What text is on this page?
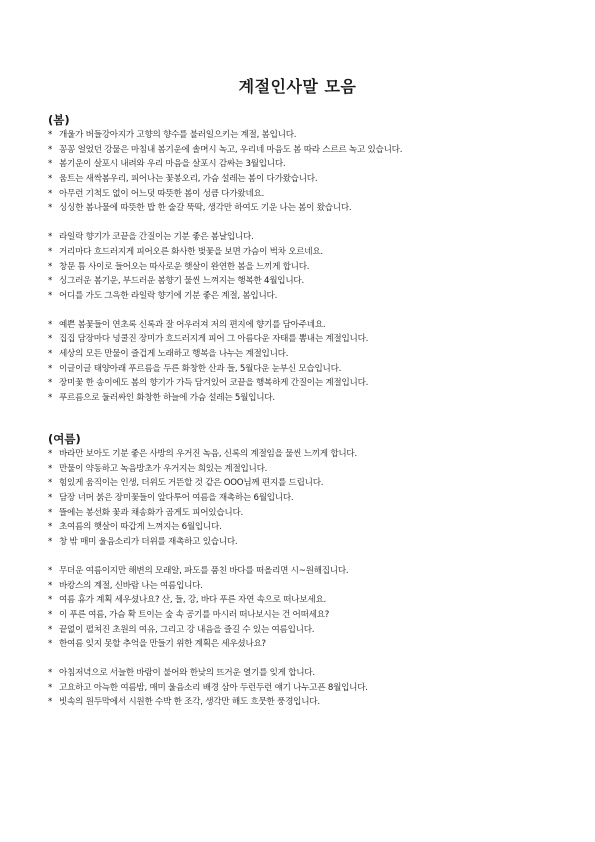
계절인사말 모음
(봄)
* 개울가 버들강아지가 고향의 향수를 불러일으키는 계절, 봄입니다.
* 꽁꽁 얼었던 강물은 마침내 봄기운에 솔며시 녹고, 우리네 마음도 봄 따라 스르르 녹고 있습니다.
* 봄기운이 살포시 내려와 우리 마음을 살포시 감싸는 3월입니다.
* 움트는 새싹봄우리, 피어나는 꽃봉오리, 가슴 설레는 봄이 다가왔습니다.
* 아무런 기척도 없이 어느덧 따뜻한 봄이 성큼 다가왔네요.
* 싱싱한 봄나물에 따뜻한 밥 한 술갈 뚝딱, 생각만 하여도 기운 나는 봄이 왔습니다.
* 라일락 향기가 코끝을 간질이는 기분 좋은 봄날입니다.
* 거리마다 흐드러지게 피어오른 화사한 벚꽃을 보면 가슴이 벅차 오르네요.
* 창문 틈 사이로 들어오는 따사로운 햇살이 완연한 봄을 느끼게 합니다.
* 싱그러운 봄기운, 부드러운 봄향기 물씬 느껴지는 행복한 4월입니다.
* 어디를 가도 그윽한 라일락 향기에 기분 좋은 계절, 봄입니다.
* 예쁜 봄꽃들이 연초록 신록과 잘 어우러져 저의 편지에 향기를 담아주네요.
* 집집 담장마다 넝쿨진 장미가 흐드러지게 피어 그 아름다운 자태를 뽐내는 계절입니다.
* 세상의 모든 만물이 즐겁게 노래하고 행복을 나누는 계절입니다.
* 이글이글 태양아래 푸르름을 두른 화창한 산과 들, 5월다운 눈부신 모습입니다.
* 장미꽃 한 송이에도 봄의 향기가 가득 담겨있어 코끝을 행복하게 간질이는 계절입니다.
* 푸르름으로 둘러싸인 화창한 하늘에 가슴 설레는 5월입니다.
(여름)
* 바라만 보아도 기분 좋은 사방의 우거진 녹음, 신록의 계절임을 물씬 느끼게 합니다.
* 만물이 약동하고 녹음방초가 우거지는 희있는 계절입니다.
* 힘있게 움직이는 인생, 더위도 거뜬할 것 같은 OOO님께 편지를 드립니다.
* 담장 너머 붉은 장미꽃들이 앞다투어 여름을 재촉하는 6월입니다.
* 뜰에는 봉선화 꽃과 채송화가 곱게도 피어있습니다.
* 초여름의 햇살이 따갑게 느껴지는 6월입니다.
* 창 밖 매미 울음소리가 더위를 재촉하고 있습니다.
* 무더운 여름이지만 해변의 모래알, 파도를 품친 바다를 떠올리면 시~원해집니다.
* 바캉스의 계절, 신바람 나는 여름입니다.
* 여름 휴가 계획 세우셨나요? 산, 들, 강, 바다 푸른 자연 속으로 떠나보세요.
* 이 푸른 여름, 가슴 확 트이는 숲 속 공기를 마시러 떠나보시는 건 어떠세요?
* 끝없이 펼쳐진 초원의 여유, 그리고 강 내음을 즐길 수 있는 여름입니다.
* 한여름 잊지 못할 추억을 만들기 위한 계획은 세우셨나요?
* 아침저녁으로 서늘한 바람이 불어와 한낮의 뜨거운 열기를 잊게 합니다.
* 고요하고 아늑한 여름밤, 매미 울음소리 배경 삼아 두런두런 얘기 나누고픈 8월입니다.
* 빗속의 원두막에서 시원한 수박 한 조각, 생각만 해도 흐뭇한 풍경입니다.
